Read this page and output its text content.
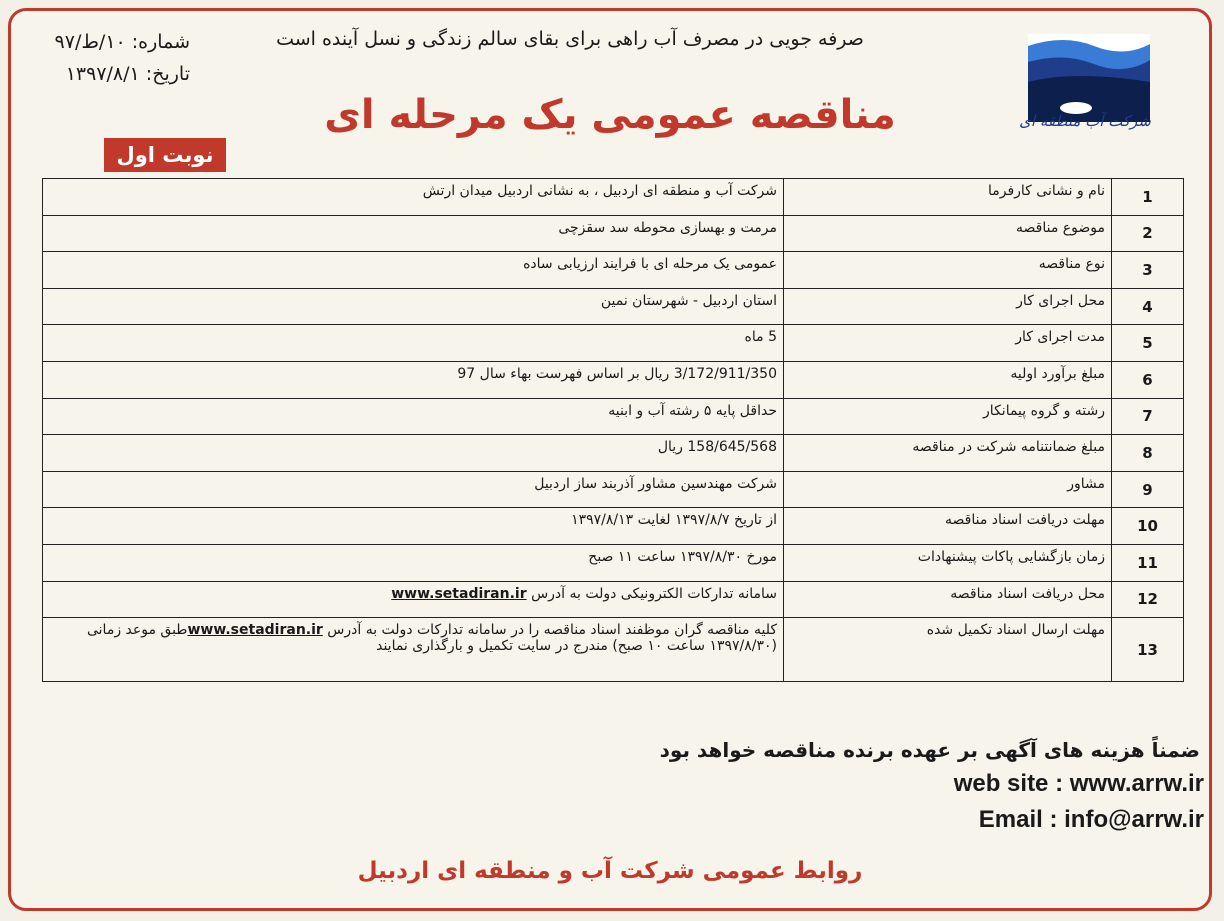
شماره: ۱۰/ط/۹۷
تاریخ: ۱۳۹۷/۸/۱
صرفه جویی در مصرف آب راهی برای بقای سالم زندگی و نسل آینده است
مناقصه عمومی یک مرحله ای	شرکت آب منطقه ای
نوبت اول
1	نام و نشانی کارفرما	شرکت آب و منطقه ای اردبیل ، به نشانی اردبیل میدان ارتش
2	موضوع مناقصه	مرمت و بهسازی محوطه سد سقزچی
3	نوع مناقصه	عمومی یک مرحله ای با فرایند ارزیابی ساده
4	محل اجرای کار	استان اردبیل - شهرستان نمین
5	مدت اجرای کار	5 ماه
6	مبلغ برآورد اولیه	3/172/911/350 ریال بر اساس فهرست بهاء سال 97
7	رشته و گروه پیمانکار	حداقل پایه ۵ رشته آب و ابنیه
8	مبلغ ضمانتنامه شرکت در مناقصه	158/645/568 ریال
9	مشاور	شرکت مهندسین مشاور آذربند ساز اردبیل
10	مهلت دریافت اسناد مناقصه	از تاریخ ۱۳۹۷/۸/۷ لغایت ۱۳۹۷/۸/۱۳
11	زمان بازگشایی پاکات پیشنهادات	مورخ ۱۳۹۷/۸/۳۰ ساعت ۱۱ صبح
12	محل دریافت اسناد مناقصه	سامانه تدارکات الکترونیکی دولت به آدرس www.setadiran.ir
13	مهلت ارسال اسناد تکمیل شده	کلیه مناقصه گران موظفند اسناد مناقصه را در سامانه تدارکات دولت به آدرس www.setadiran.irطبق موعد زمانی
(۱۳۹۷/۸/۳۰ ساعت ۱۰ صبح) مندرج در سایت تکمیل و بارگذاری نمایند
ضمناً هزینه های آگهی بر عهده برنده مناقصه خواهد بود
web site : www.arrw.ir
Email : info@arrw.ir
روابط عمومی شرکت آب و منطقه ای اردبیل
